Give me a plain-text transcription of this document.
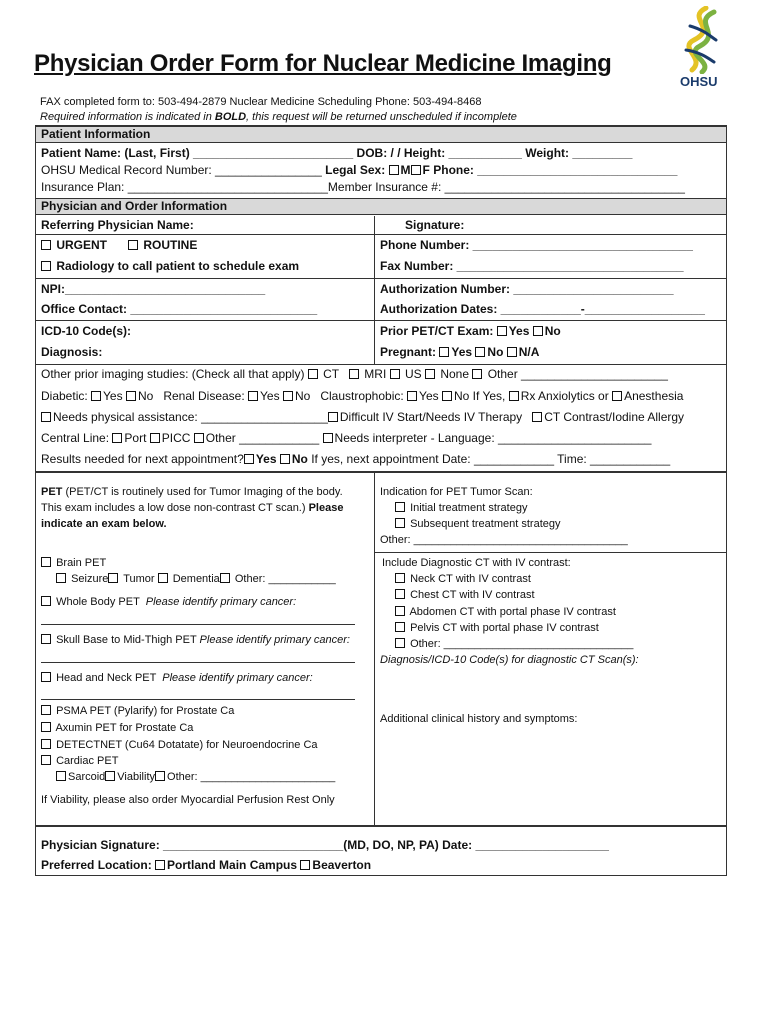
Physician Order Form for Nuclear Medicine Imaging
OHSU
FAX completed form to: 503-494-2879 Nuclear Medicine Scheduling Phone: 503-494-8468
Required information is indicated in BOLD, this request will be returned unscheduled if incomplete
Patient Information
Patient Name: (Last, First) ________________________ DOB: / / Height: ___________ Weight: _________
OHSU Medical Record Number: ________________ Legal Sex: M F Phone: ______________________________
Insurance Plan: ______________________________Member Insurance #: ____________________________________
Physician and Order Information
Referring Physician Name:	Signature:
URGENT	ROUTINE	Phone Number: _________________________________
Radiology to call patient to schedule exam	Fax Number: __________________________________
NPI:______________________________	Authorization Number: ________________________
Office Contact: ____________________________	Authorization Dates: ____________-__________________
ICD-10 Code(s):	Prior PET/CT Exam: Yes No
Diagnosis:	Pregnant: Yes No N/A
Other prior imaging studies: (Check all that apply) CT MRI US None Other ______________________
Diabetic: Yes No Renal Disease: Yes No Claustrophobic: Yes No If Yes, Rx Anxiolytics or Anesthesia
Needs physical assistance: ___________________ Difficult IV Start/Needs IV Therapy CT Contrast/Iodine Allergy
Central Line: Port PICC Other ____________ Needs interpreter - Language: _______________________
Results needed for next appointment? Yes No If yes, next appointment Date: ____________ Time: ____________
PET (PET/CT is routinely used for Tumor Imaging of the body.
This exam includes a low dose non-contrast CT scan.) Please
indicate an exam below.
Brain PET
Seizure Tumor Dementia Other: ___________
Whole Body PET Please identify primary cancer:
Skull Base to Mid-Thigh PET Please identify primary cancer:
Head and Neck PET Please identify primary cancer:
PSMA PET (Pylarify) for Prostate Ca
Axumin PET for Prostate Ca
DETECTNET (Cu64 Dotatate) for Neuroendocrine Ca
Cardiac PET
Sarcoid Viability Other: ______________________
If Viability, please also order Myocardial Perfusion Rest Only
Indication for PET Tumor Scan:
Initial treatment strategy
Subsequent treatment strategy
Other: ___________________________________
Include Diagnostic CT with IV contrast:
Neck CT with IV contrast
Chest CT with IV contrast
Abdomen CT with portal phase IV contrast
Pelvis CT with portal phase IV contrast
Other: _______________________________
Diagnosis/ICD-10 Code(s) for diagnostic CT Scan(s):
Additional clinical history and symptoms:
Physician Signature: ___________________________(MD, DO, NP, PA) Date: ____________________
Preferred Location: Portland Main Campus Beaverton
